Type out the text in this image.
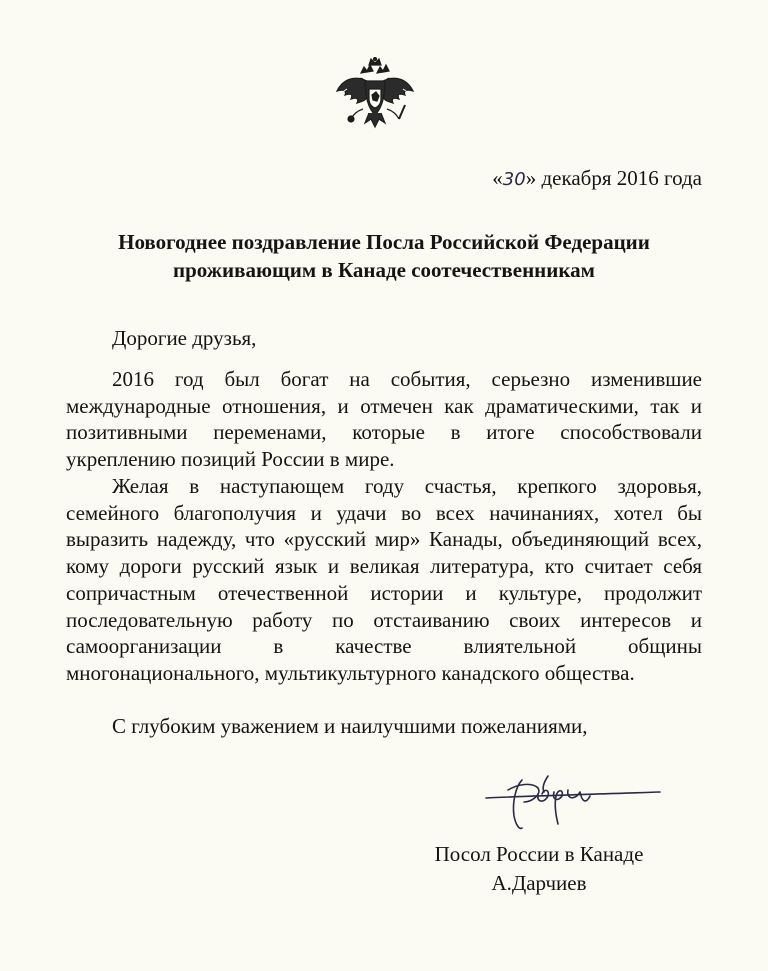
«30» декабря 2016 года
Новогоднее поздравление Посла Российской Федерации
проживающим в Канаде соотечественникам
Дорогие друзья,
2016 год был богат на события, серьезно изменившие международные отношения, и отмечен как драматическими, так и позитивными переменами, которые в итоге способствовали укреплению позиций России в мире.
Желая в наступающем году счастья, крепкого здоровья, семейного благополучия и удачи во всех начинаниях, хотел бы выразить надежду, что «русский мир» Канады, объединяющий всех, кому дороги русский язык и великая литература, кто считает себя сопричастным отечественной истории и культуре, продолжит последовательную работу по отстаиванию своих интересов и самоорганизации в качестве влиятельной общины многонационального, мультикультурного канадского общества.
С глубоким уважением и наилучшими пожеланиями,
Посол России в Канаде
А.Дарчиев
